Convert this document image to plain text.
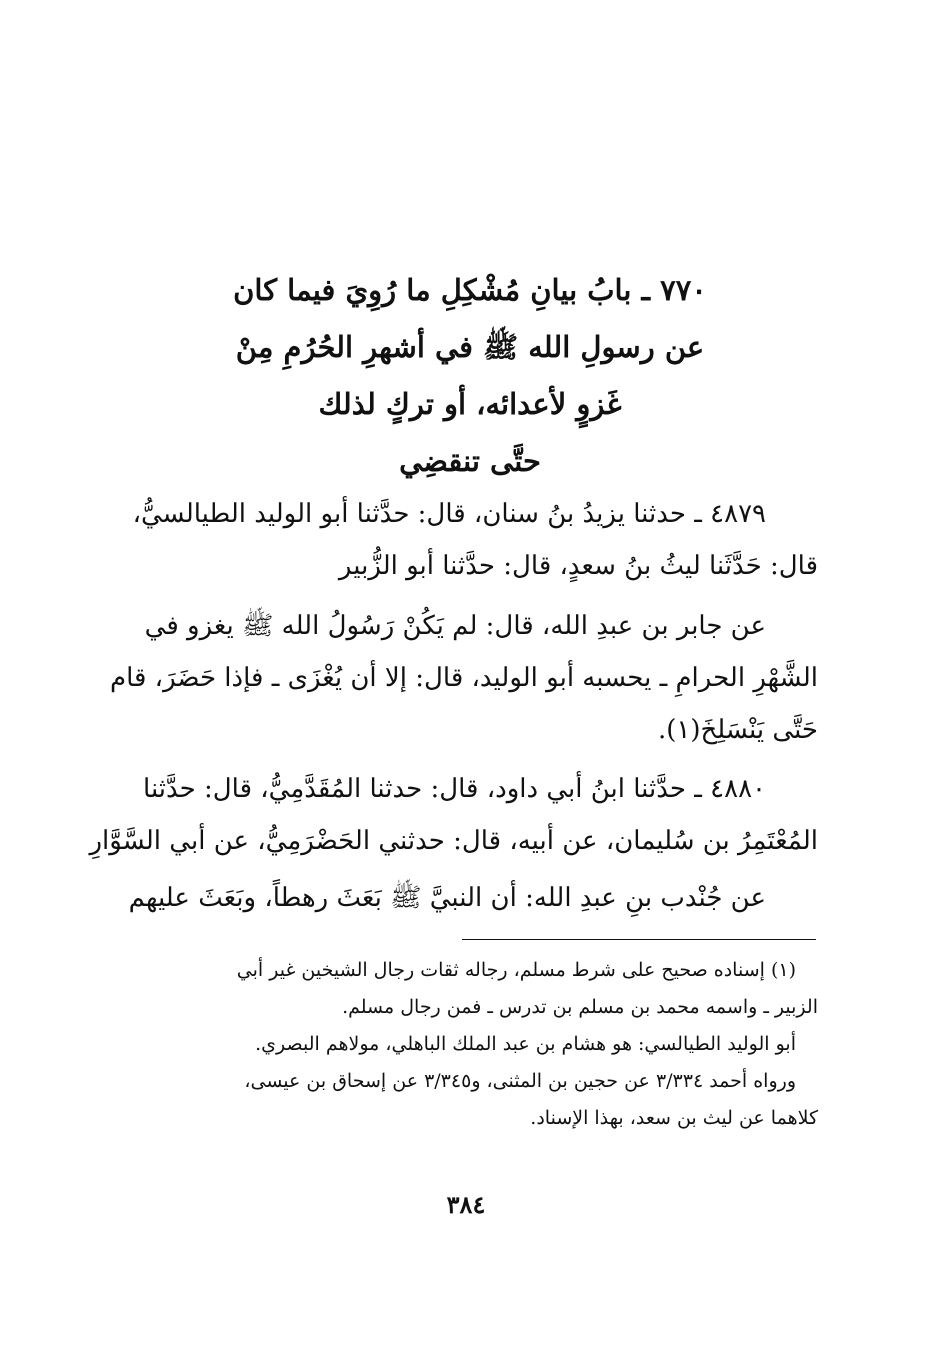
٧٧٠ ـ بابُ بيانِ مُشْكِلِ ما رُوِيَ فيما كان
عن رسولِ الله ﷺ في أشهرِ الحُرُمِ مِنْ
غَزوٍ لأعدائه، أو تركٍ لذلك
حتَّى تنقضِي
٤٨٧٩ ـ حدثنا يزيدُ بنُ سنان، قال: حدَّثنا أبو الوليد الطيالسيُّ،
قال: حَدَّثَنا ليثُ بنُ سعدٍ، قال: حدَّثنا أبو الزُّبير
عن جابر بن عبدِ الله، قال: لم يَكُنْ رَسُولُ الله ﷺ يغزو في
الشَّهْرِ الحرامِ ـ يحسبه أبو الوليد، قال: إلا أن يُغْزَى ـ فإذا حَضَرَ، قام
حَتَّى يَنْسَلِخَ(١).
٤٨٨٠ ـ حدَّثنا ابنُ أبي داود، قال: حدثنا المُقَدَّمِيُّ، قال: حدَّثنا
المُعْتَمِرُ بن سُليمان، عن أبيه، قال: حدثني الحَضْرَمِيُّ، عن أبي السَّوَّارِ
عن جُنْدب بنِ عبدِ الله: أن النبيَّ ﷺ بَعَثَ رهطاً، وبَعَثَ عليهم
(١) إسناده صحيح على شرط مسلم، رجاله ثقات رجال الشيخين غير أبي
الزبير ـ واسمه محمد بن مسلم بن تدرس ـ فمن رجال مسلم.
أبو الوليد الطيالسي: هو هشام بن عبد الملك الباهلي، مولاهم البصري.
ورواه أحمد ٣/٣٣٤ عن حجين بن المثنى، و٣/٣٤٥ عن إسحاق بن عيسى،
كلاهما عن ليث بن سعد، بهذا الإسناد.
٣٨٤
